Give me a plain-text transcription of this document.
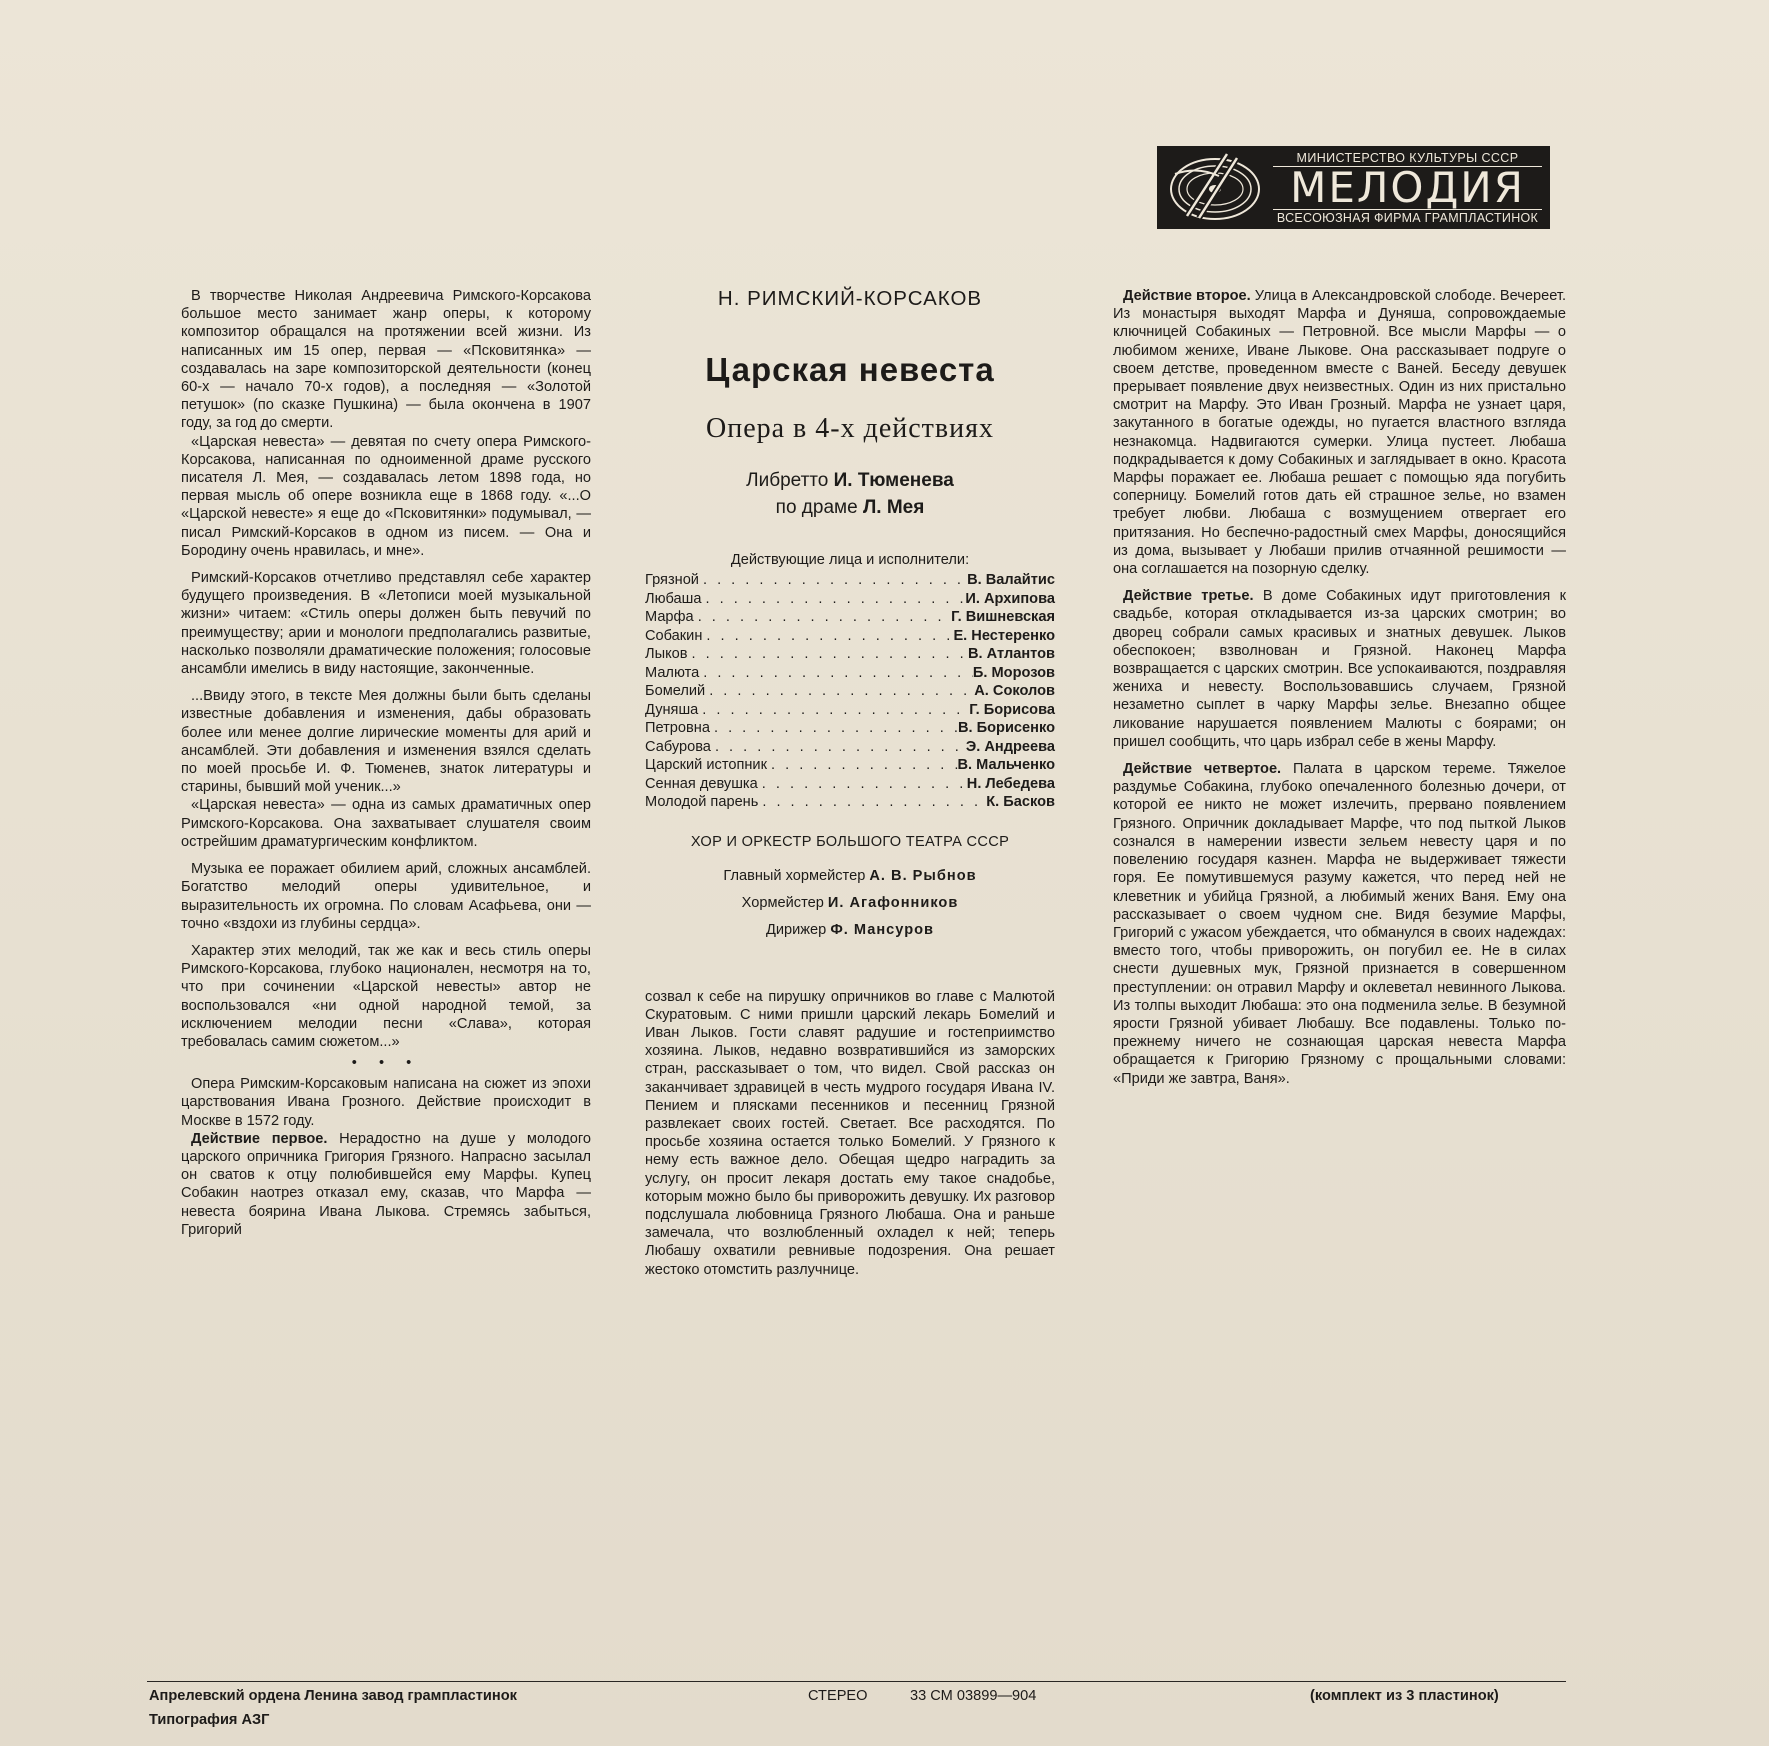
МИНИСТЕРСТВО КУЛЬТУРЫ СССР
МЕЛОДИЯ
ВСЕСОЮЗНАЯ ФИРМА ГРАМПЛАСТИНОК

В творчестве Николая Андреевича Римского-Корсакова большое место занимает жанр оперы, к которому композитор обращался на протяжении всей жизни. Из написанных им 15 опер, первая — «Псковитянка» — создавалась на заре композиторской деятельности (конец 60-х — начало 70-х годов), а последняя — «Золотой петушок» (по сказке Пушкина) — была окончена в 1907 году, за год до смерти.

«Царская невеста» — девятая по счету опера Римского-Корсакова, написанная по одноименной драме русского писателя Л. Мея, — создавалась летом 1898 года, но первая мысль об опере возникла еще в 1868 году. «...О «Царской невесте» я еще до «Псковитянки» подумывал, — писал Римский-Корсаков в одном из писем. — Она и Бородину очень нравилась, и мне».

Римский-Корсаков отчетливо представлял себе характер будущего произведения. В «Летописи моей музыкальной жизни» читаем: «Стиль оперы должен быть певучий по преимуществу; арии и монологи предполагались развитые, насколько позволяли драматические положения; голосовые ансамбли имелись в виду настоящие, законченные.

...Ввиду этого, в тексте Мея должны были быть сделаны известные добавления и изменения, дабы образовать более или менее долгие лирические моменты для арий и ансамблей. Эти добавления и изменения взялся сделать по моей просьбе И. Ф. Тюменев, знаток литературы и старины, бывший мой ученик...»

«Царская невеста» — одна из самых драматичных опер Римского-Корсакова. Она захватывает слушателя своим острейшим драматургическим конфликтом.

Музыка ее поражает обилием арий, сложных ансамблей. Богатство мелодий оперы удивительное, и выразительность их огромна. По словам Асафьева, они — точно «вздохи из глубины сердца».

Характер этих мелодий, так же как и весь стиль оперы Римского-Корсакова, глубоко национален, несмотря на то, что при сочинении «Царской невесты» автор не воспользовался «ни одной народной темой, за исключением мелодии песни «Слава», которая требовалась самим сюжетом...»

• • •

Опера Римским-Корсаковым написана на сюжет из эпохи царствования Ивана Грозного. Действие происходит в Москве в 1572 году.

Действие первое. Нерадостно на душе у молодого царского опричника Григория Грязного. Напрасно засылал он сватов к отцу полюбившейся ему Марфы. Купец Собакин наотрез отказал ему, сказав, что Марфа — невеста боярина Ивана Лыкова. Стремясь забыться, Григорий

Н. РИМСКИЙ-КОРСАКОВ
Царская невеста
Опера в 4-х действиях

Либретто И. Тюменева

по драме Л. Мея

Действующие лица и исполнители:
Грязной . . .	В. Валайтис
Любаша . . .	И. Архипова
Марфа . . .	Г. Вишневская
Собакин . . .	Е. Нестеренко
Лыков . . .	В. Атлантов
Малюта . . .	Б. Морозов
Бомелий . . .	А. Соколов
Дуняша . . .	Г. Борисова
Петровна . . .	В. Борисенко
Сабурова . . .	Э. Андреева
Царский истопник . . .	В. Мальченко
Сенная девушка . . .	Н. Лебедева
Молодой парень . . .	К. Басков
ХОР И ОРКЕСТР БОЛЬШОГО ТЕАТРА СССР

Главный хормейстер А. В. Рыбнов

Хормейстер И. Агафонников

Дирижер Ф. Мансуров

созвал к себе на пирушку опричников во главе с Малютой Скуратовым. С ними пришли царский лекарь Бомелий и Иван Лыков. Гости славят радушие и гостеприимство хозяина. Лыков, недавно возвратившийся из заморских стран, рассказывает о том, что видел. Свой рассказ он заканчивает здравицей в честь мудрого государя Ивана IV. Пением и плясками песенников и песенниц Грязной развлекает своих гостей. Светает. Все расходятся. По просьбе хозяина остается только Бомелий. У Грязного к нему есть важное дело. Обещая щедро наградить за услугу, он просит лекаря достать ему такое снадобье, которым можно было бы приворожить девушку. Их разговор подслушала любовница Грязного Любаша. Она и раньше замечала, что возлюбленный охладел к ней; теперь Любашу охватили ревнивые подозрения. Она решает жестоко отомстить разлучнице.

Действие второе. Улица в Александровской слободе. Вечереет. Из монастыря выходят Марфа и Дуняша, сопровождаемые ключницей Собакиных — Петровной. Все мысли Марфы — о любимом женихе, Иване Лыкове. Она рассказывает подруге о своем детстве, проведенном вместе с Ваней. Беседу девушек прерывает появление двух неизвестных. Один из них пристально смотрит на Марфу. Это Иван Грозный. Марфа не узнает царя, закутанного в богатые одежды, но пугается властного взгляда незнакомца. Надвигаются сумерки. Улица пустеет. Любаша подкрадывается к дому Собакиных и заглядывает в окно. Красота Марфы поражает ее. Любаша решает с помощью яда погубить соперницу. Бомелий готов дать ей страшное зелье, но взамен требует любви. Любаша с возмущением отвергает его притязания. Но беспечно-радостный смех Марфы, доносящийся из дома, вызывает у Любаши прилив отчаянной решимости — она соглашается на позорную сделку.

Действие третье. В доме Собакиных идут приготовления к свадьбе, которая откладывается из-за царских смотрин; во дворец собрали самых красивых и знатных девушек. Лыков обеспокоен; взволнован и Грязной. Наконец Марфа возвращается с царских смотрин. Все успокаиваются, поздравляя жениха и невесту. Воспользовавшись случаем, Грязной незаметно сыплет в чарку Марфы зелье. Внезапно общее ликование нарушается появлением Малюты с боярами; он пришел сообщить, что царь избрал себе в жены Марфу.

Действие четвертое. Палата в царском тереме. Тяжелое раздумье Собакина, глубоко опечаленного болезнью дочери, от которой ее никто не может излечить, прервано появлением Грязного. Опричник докладывает Марфе, что под пыткой Лыков сознался в намерении извести зельем невесту царя и по повелению государя казнен. Марфа не выдерживает тяжести горя. Ее помутившемуся разуму кажется, что перед ней не клеветник и убийца Грязной, а любимый жених Ваня. Ему она рассказывает о своем чудном сне. Видя безумие Марфы, Григорий с ужасом убеждается, что обманулся в своих надеждах: вместо того, чтобы приворожить, он погубил ее. Не в силах снести душевных мук, Грязной признается в совершенном преступлении: он отравил Марфу и оклеветал невинного Лыкова. Из толпы выходит Любаша: это она подменила зелье. В безумной ярости Грязной убивает Любашу. Все подавлены. Только по-прежнему ничего не сознающая царская невеста Марфа обращается к Григорию Грязному с прощальными словами: «Приди же завтра, Ваня».

Апрелевский ордена Ленина завод грампластинок	СТЕРЕО	33 СМ 03899—904	(комплект из 3 пластинок)
Типография АЗГ
